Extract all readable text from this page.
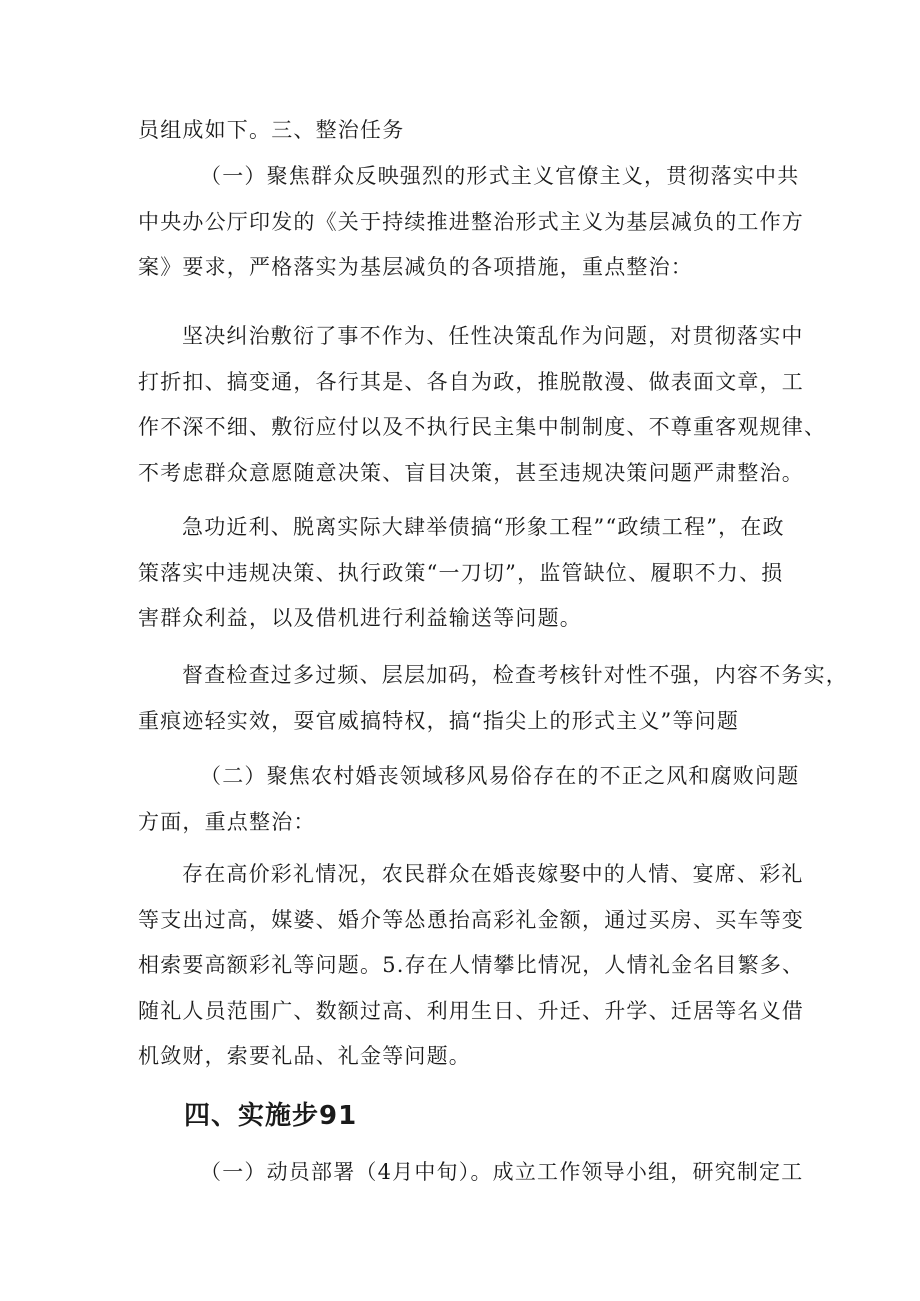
员组成如下。三、整治任务

（一）聚焦群众反映强烈的形式主义官僚主义，贯彻落实中共
中央办公厅印发的《关于持续推进整治形式主义为基层减负的工作方
案》要求，严格落实为基层减负的各项措施，重点整治：

坚决纠治敷衍了事不作为、任性决策乱作为问题，对贯彻落实中
打折扣、搞变通，各行其是、各自为政，推脱散漫、做表面文章，工
作不深不细、敷衍应付以及不执行民主集中制制度、不尊重客观规律、
不考虑群众意愿随意决策、盲目决策，甚至违规决策问题严肃整治。

急功近利、脱离实际大肆举债搞“形象工程”“政绩工程”，在政
策落实中违规决策、执行政策“一刀切”，监管缺位、履职不力、损
害群众利益，以及借机进行利益输送等问题。

督查检查过多过频、层层加码，检查考核针对性不强，内容不务实，
重痕迹轻实效，耍官威搞特权，搞“指尖上的形式主义”等问题

（二）聚焦农村婚丧领域移风易俗存在的不正之风和腐败问题
方面，重点整治：

存在高价彩礼情况，农民群众在婚丧嫁娶中的人情、宴席、彩礼
等支出过高，媒婆、婚介等怂恿抬高彩礼金额，通过买房、买车等变
相索要高额彩礼等问题。5.存在人情攀比情况，人情礼金名目繁多、
随礼人员范围广、数额过高、利用生日、升迁、升学、迁居等名义借
机敛财，索要礼品、礼金等问题。

四、实施步91

（一）动员部署（4月中旬）。成立工作领导小组，研究制定工
